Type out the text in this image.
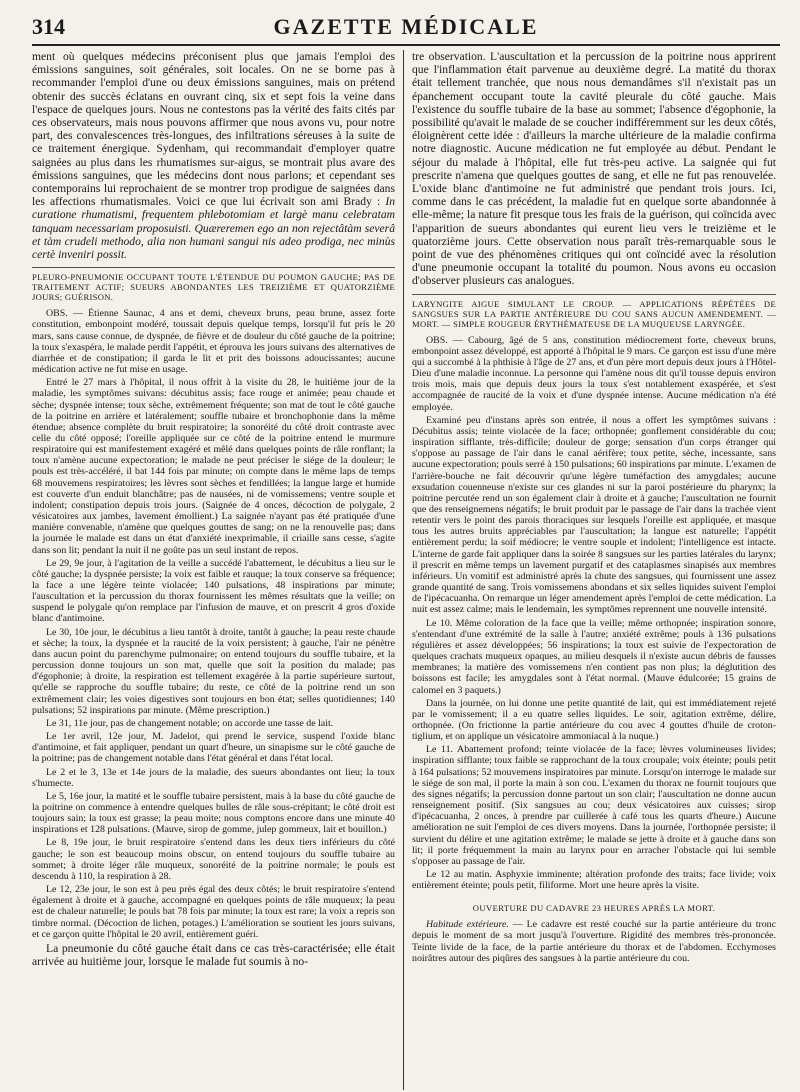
314	GAZETTE MÉDICALE

ment où quelques médecins préconisent plus que jamais l'emploi des émissions sanguines, soit générales, soit locales. On ne se borne pas à recommander l'emploi d'une ou deux émissions sanguines, mais on prétend obtenir des succès éclatans en ouvrant cinq, six et sept fois la veine dans l'espace de quelques jours. Nous ne contestons pas la vérité des faits cités par ces observateurs, mais nous pouvons affirmer que nous avons vu, pour notre part, des convalescences très-longues, des infiltrations séreuses à la suite de ce traitement énergique. Sydenham, qui recommandait d'employer quatre saignées au plus dans les rhumatismes sur-aigus, se montrait plus avare des émissions sanguines, que les médecins dont nous parlons; et cependant ses contemporains lui reprochaient de se montrer trop prodigue de saignées dans les affections rhumatismales. Voici ce que lui écrivait son ami Brady : In curatione rhumatismi, frequentem phlebotomiam et largè manu celebratam tanquam necessariam proposuisti. Quæreremen ego an non rejectâtàm severâ et tàm crudeli methodo, alia non humani sangui nis adeo prodiga, nec minùs certè inveniri possit.

PLEURO-PNEUMONIE OCCUPANT TOUTE L'ÉTENDUE DU POUMON GAUCHE; PAS DE TRAITEMENT ACTIF; SUEURS ABONDANTES LES TREIZIÈME ET QUATORZIÈME JOURS; GUÉRISON.

OBS. — Étienne Saunac, 4 ans et demi, cheveux bruns, peau brune, assez forte constitution, embonpoint modéré, toussait depuis quelque temps, lorsqu'il fut pris le 20 mars, sans cause connue, de dyspnée, de fièvre et de douleur du côté gauche de la poitrine; la toux s'exaspéra, le malade perdit l'appétit, et éprouva les jours suivans des alternatives de diarrhée et de constipation; il garda le lit et prit des boissons adoucissantes; aucune médication active ne fut mise en usage.

Entré le 27 mars à l'hôpital, il nous offrit à la visite du 28, le huitième jour de la maladie, les symptômes suivans: décubitus assis; face rouge et animée; peau chaude et sèche; dyspnée intense; toux sèche, extrêmement fréquente; son mat de tout le côté gauche de la poitrine en arrière et latéralement; souffle tubaire et bronchophonie dans la même étendue; absence complète du bruit respiratoire; la sonoréité du côté droit contraste avec celle du côté opposé; l'oreille appliquée sur ce côté de la poitrine entend le murmure respiratoire qui est manifestement exagéré et mêlé dans quelques points de râle ronflant; la toux n'amène aucune expectoration; le malade ne peut préciser le siége de la douleur; le pouls est très-accéléré, il bat 144 fois par minute; on compte dans le même laps de temps 68 mouvemens respiratoires; les lèvres sont sèches et fendillées; la langue large et humide est couverte d'un enduit blanchâtre; pas de nausées, ni de vomissemens; ventre souple et indolent; constipation depuis trois jours. (Saignée de 4 onces, décoction de polygale, 2 vésicatoires aux jambes, lavement émollient.) La saignée n'ayant pas été pratiquée d'une manière convenable, n'amène que quelques gouttes de sang; on ne la renouvelle pas; dans la journée le malade est dans un état d'anxiété inexprimable, il criaille sans cesse, s'agite dans son lit; pendant la nuit il ne goûte pas un seul instant de repos.

Le 29, 9e jour, à l'agitation de la veille a succédé l'abattement, le décubitus a lieu sur le côté gauche; la dyspnée persiste; la voix est faible et rauque; la toux conserve sa fréquence; la face a une légère teinte violacée; 140 pulsations, 48 inspirations par minute; l'auscultation et la percussion du thorax fournissent les mêmes résultats que la veille; on suspend le polygale qu'on remplace par l'infusion de mauve, et on prescrit 4 gros d'oxide blanc d'antimoine.

Le 30, 10e jour, le décubitus a lieu tantôt à droite, tantôt à gauche; la peau reste chaude et sèche; la toux, la dyspnée et la raucité de la voix persistent; à gauche, l'air ne pénètre dans aucun point du parenchyme pulmonaire; on entend toujours du souffle tubaire, et la percussion donne toujours un son mat, quelle que soit la position du malade; pas d'égophonie; à droite, la respiration est tellement exagérée à la partie supérieure surtout, qu'elle se rapproche du souffle tubaire; du reste, ce côté de la poitrine rend un son extrêmement clair; les voies digestives sont toujours en bon état; selles quotidiennes; 140 pulsations; 52 inspirations par minute. (Même prescription.)

Le 31, 11e jour, pas de changement notable; on accorde une tasse de lait.

Le 1er avril, 12e jour, M. Jadelot, qui prend le service, suspend l'oxide blanc d'antimoine, et fait appliquer, pendant un quart d'heure, un sinapisme sur le côté gauche de la poitrine; pas de changement notable dans l'état général et dans l'état local.

Le 2 et le 3, 13e et 14e jours de la maladie, des sueurs abondantes ont lieu; la toux s'humecte.

Le 5, 16e jour, la matité et le souffle tubaire persistent, mais à la base du côté gauche de la poitrine on commence à entendre quelques bulles de râle sous-crépitant; le côté droit est toujours sain; la toux est grasse; la peau moite; nous comptons encore dans une minute 40 inspirations et 128 pulsations. (Mauve, sirop de gomme, julep gommeux, lait et bouillon.)

Le 8, 19e jour, le bruit respiratoire s'entend dans les deux tiers inférieurs du côté gauche; le son est beaucoup moins obscur, on entend toujours du souffle tubaire au sommet; à droite léger râle muqueux, sonoréité de la poitrine normale; le pouls est descendu à 110, la respiration à 28.

Le 12, 23e jour, le son est à peu près égal des deux côtés; le bruit respiratoire s'entend également à droite et à gauche, accompagné en quelques points de râle muqueux; la peau est de chaleur naturelle; le pouls bat 78 fois par minute; la toux est rare; la voix a repris son timbre normal. (Décoction de lichen, potages.) L'amélioration se soutient les jours suivans, et ce garçon quitte l'hôpital le 20 avril, entièrement guéri.

La pneumonie du côté gauche était dans ce cas très-caractérisée; elle était arrivée au huitième jour, lorsque le malade fut soumis à no-

tre observation. L'auscultation et la percussion de la poitrine nous apprirent que l'inflammation était parvenue au deuxième degré. La matité du thorax était tellement tranchée, que nous nous demandâmes s'il n'existait pas un épanchement occupant toute la cavité pleurale du côté gauche. Mais l'existence du souffle tubaire de la base au sommet; l'absence d'égophonie, la possibilité qu'avait le malade de se coucher indifféremment sur les deux côtés, éloignèrent cette idée : d'ailleurs la marche ultérieure de la maladie confirma notre diagnostic. Aucune médication ne fut employée au début. Pendant le séjour du malade à l'hôpital, elle fut très-peu active. La saignée qui fut prescrite n'amena que quelques gouttes de sang, et elle ne fut pas renouvelée. L'oxide blanc d'antimoine ne fut administré que pendant trois jours. Ici, comme dans le cas précédent, la maladie fut en quelque sorte abandonnée à elle-même; la nature fit presque tous les frais de la guérison, qui coïncida avec l'apparition de sueurs abondantes qui eurent lieu vers le treizième et le quatorzième jours. Cette observation nous paraît très-remarquable sous le point de vue des phénomènes critiques qui ont coïncidé avec la résolution d'une pneumonie occupant la totalité du poumon. Nous avons eu occasion d'observer plusieurs cas analogues.

LARYNGITE AIGUE SIMULANT LE CROUP. — APPLICATIONS RÉPÉTÉES DE SANGSUES SUR LA PARTIE ANTÉRIEURE DU COU SANS AUCUN AMENDEMENT. — MORT. — SIMPLE ROUGEUR ÉRYTHÉMATEUSE DE LA MUQUEUSE LARYNGÉE.

OBS. — Cabourg, âgé de 5 ans, constitution médiocrement forte, cheveux bruns, embonpoint assez développé, est apporté à l'hôpital le 9 mars. Ce garçon est issu d'une mère qui a succombé à la phthisie à l'âge de 27 ans, et d'un père mort depuis deux jours à l'Hôtel-Dieu d'une maladie inconnue. La personne qui l'amène nous dit qu'il tousse depuis environ trois mois, mais que depuis deux jours la toux s'est notablement exaspérée, et s'est accompagnée de raucité de la voix et d'une dyspnée intense. Aucune médication n'a été employée.

Examiné peu d'instans après son entrée, il nous a offert les symptômes suivans : Décubitus assis; teinte violacée de la face; orthopnée; gonflement considérable du cou; inspiration sifflante, très-difficile; douleur de gorge; sensation d'un corps étranger qui s'oppose au passage de l'air dans le canal aérifère; toux petite, sèche, incessante, sans aucune expectoration; pouls serré à 150 pulsations; 60 inspirations par minute. L'examen de l'arrière-bouche ne fait découvrir qu'une légère tuméfaction des amygdales; aucune exsudation couenneuse n'existe sur ces glandes ni sur la paroi postérieure du pharynx; la poitrine percutée rend un son également clair à droite et à gauche; l'auscultation ne fournit que des renseignemens négatifs; le bruit produit par le passage de l'air dans la trachée vient retentir vers le point des parois thoraciques sur lesquels l'oreille est appliquée, et masque tous les autres bruits appréciables par l'auscultation; la langue est naturelle; l'appétit entièrement perdu; la soif médiocre; le ventre souple et indolent; l'intelligence est intacte. L'interne de garde fait appliquer dans la soirée 8 sangsues sur les parties latérales du larynx; il prescrit en même temps un lavement purgatif et des cataplasmes sinapisés aux membres inférieurs. Un vomitif est administré après la chute des sangsues, qui fournissent une assez grande quantité de sang. Trois vomissemens abondans et six selles liquides suivent l'emploi de l'ipécacuanha. On remarque un léger amendement après l'emploi de cette médication. La nuit est assez calme; mais le lendemain, les symptômes reprennent une nouvelle intensité.

Le 10. Même coloration de la face que la veille; même orthopnée; inspiration sonore, s'entendant d'une extrémité de la salle à l'autre; anxiété extrême; pouls à 136 pulsations régulières et assez développées; 56 inspirations; la toux est suivie de l'expectoration de quelques crachats muqueux opaques, au milieu desquels il n'existe aucun débris de fausses membranes; la matière des vomissemens n'en contient pas non plus; la déglutition des boissons est facile; les amygdales sont à l'état normal. (Mauve édulcorée; 15 grains de calomel en 3 paquets.)

Dans la journée, on lui donne une petite quantité de lait, qui est immédiatement rejeté par le vomissement; il a eu quatre selles liquides. Le soir, agitation extrême, délire, orthopnée. (On frictionne la partie antérieure du cou avec 4 gouttes d'huile de croton-tiglium, et on applique un vésicatoire ammoniacal à la nuque.)

Le 11. Abattement profond; teinte violacée de la face; lèvres volumineuses livides; inspiration sifflante; toux faible se rapprochant de la toux croupale; voix éteinte; pouls petit à 164 pulsations; 52 mouvemens inspiratoires par minute. Lorsqu'on interroge le malade sur le siége de son mal, il porte la main à son cou. L'examen du thorax ne fournit toujours que des signes négatifs; la percussion donne partout un son clair; l'auscultation ne donne aucun renseignement positif. (Six sangsues au cou; deux vésicatoires aux cuisses; sirop d'ipécacuanha, 2 onces, à prendre par cuillerée à café tous les quarts d'heure.) Aucune amélioration ne suit l'emploi de ces divers moyens. Dans la journée, l'orthopnée persiste; il survient du délire et une agitation extrême; le malade se jette à droite et à gauche dans son lit; il porte fréquemment la main au larynx pour en arracher l'obstacle qui lui semble s'opposer au passage de l'air.

Le 12 au matin. Asphyxie imminente; altération profonde des traits; face livide; voix entièrement éteinte; pouls petit, filiforme. Mort une heure après la visite.

OUVERTURE DU CADAVRE 23 HEURES APRÈS LA MORT.

Habitude extérieure. — Le cadavre est resté couché sur la partie antérieure du tronc depuis le moment de sa mort jusqu'à l'ouverture. Rigidité des membres très-prononcée. Teinte livide de la face, de la partie antérieure du thorax et de l'abdomen. Ecchymoses noirâtres autour des piqûres des sangsues à la partie antérieure du cou.
